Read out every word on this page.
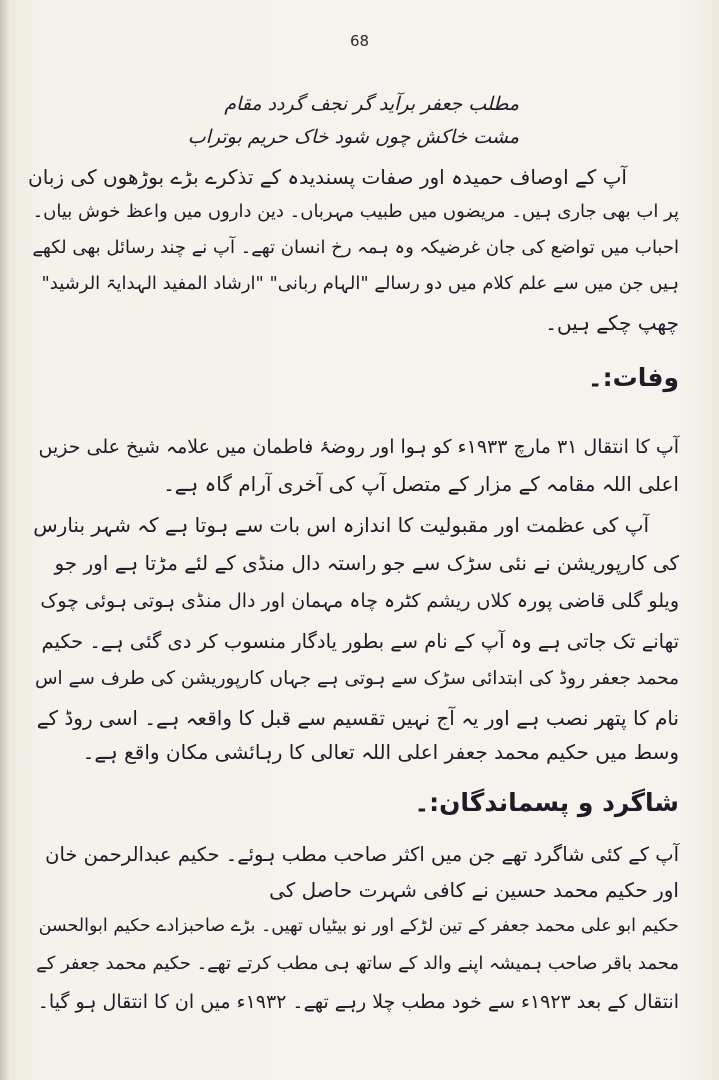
68
مطلب جعفر برآید گر نجف گردد مقام
مشت خاکش چوں شود خاک حریم بوتراب
آپ کے اوصاف حمیدہ اور صفات پسندیدہ کے تذکرے بڑے بوڑھوں کی زبان
پر اب بھی جاری ہیں۔ مریضوں میں طبیب مہرباں۔ دین داروں میں واعظ خوش بیاں۔
احباب میں تواضع کی جان غرضیکہ وہ ہمہ رخ انسان تھے۔ آپ نے چند رسائل بھی لکھے
ہیں جن میں سے علم کلام میں دو رسالے "الہام ربانی" "ارشاد المفید الہدایۃ الرشید"
چھپ چکے ہیں۔
وفات:۔
آپ کا انتقال ۳۱ مارچ ۱۹۳۳ء کو ہوا اور روضۂ فاطمان میں علامہ شیخ علی حزیں
اعلی اللہ مقامہ کے مزار کے متصل آپ کی آخری آرام گاہ ہے۔
آپ کی عظمت اور مقبولیت کا اندازہ اس بات سے ہوتا ہے کہ شہر بنارس
کی کارپوریشن نے نئی سڑک سے جو راستہ دال منڈی کے لئے مڑتا ہے اور جو
ویلو گلی قاضی پورہ کلاں ریشم کٹرہ چاہ مہمان اور دال منڈی ہوتی ہوئی چوک
تھانے تک جاتی ہے وہ آپ کے نام سے بطور یادگار منسوب کر دی گئی ہے۔ حکیم
محمد جعفر روڈ کی ابتدائی سڑک سے ہوتی ہے جہاں کارپوریشن کی طرف سے اس
نام کا پتھر نصب ہے اور یہ آج نہیں تقسیم سے قبل کا واقعہ ہے۔ اسی روڈ کے
وسط میں حکیم محمد جعفر اعلی اللہ تعالی کا رہائشی مکان واقع ہے۔
شاگرد و پسماندگان:۔
آپ کے کئی شاگرد تھے جن میں اکثر صاحب مطب ہوئے۔ حکیم عبدالرحمن خان
اور حکیم محمد حسین نے کافی شہرت حاصل کی
حکیم ابو علی محمد جعفر کے تین لڑکے اور نو بیٹیاں تھیں۔ بڑے صاحبزادے حکیم ابوالحسن
محمد باقر صاحب ہمیشہ اپنے والد کے ساتھ ہی مطب کرتے تھے۔ حکیم محمد جعفر کے
انتقال کے بعد ۱۹۲۳ء سے خود مطب چلا رہے تھے۔ ۱۹۳۲ء میں ان کا انتقال ہو گیا۔
